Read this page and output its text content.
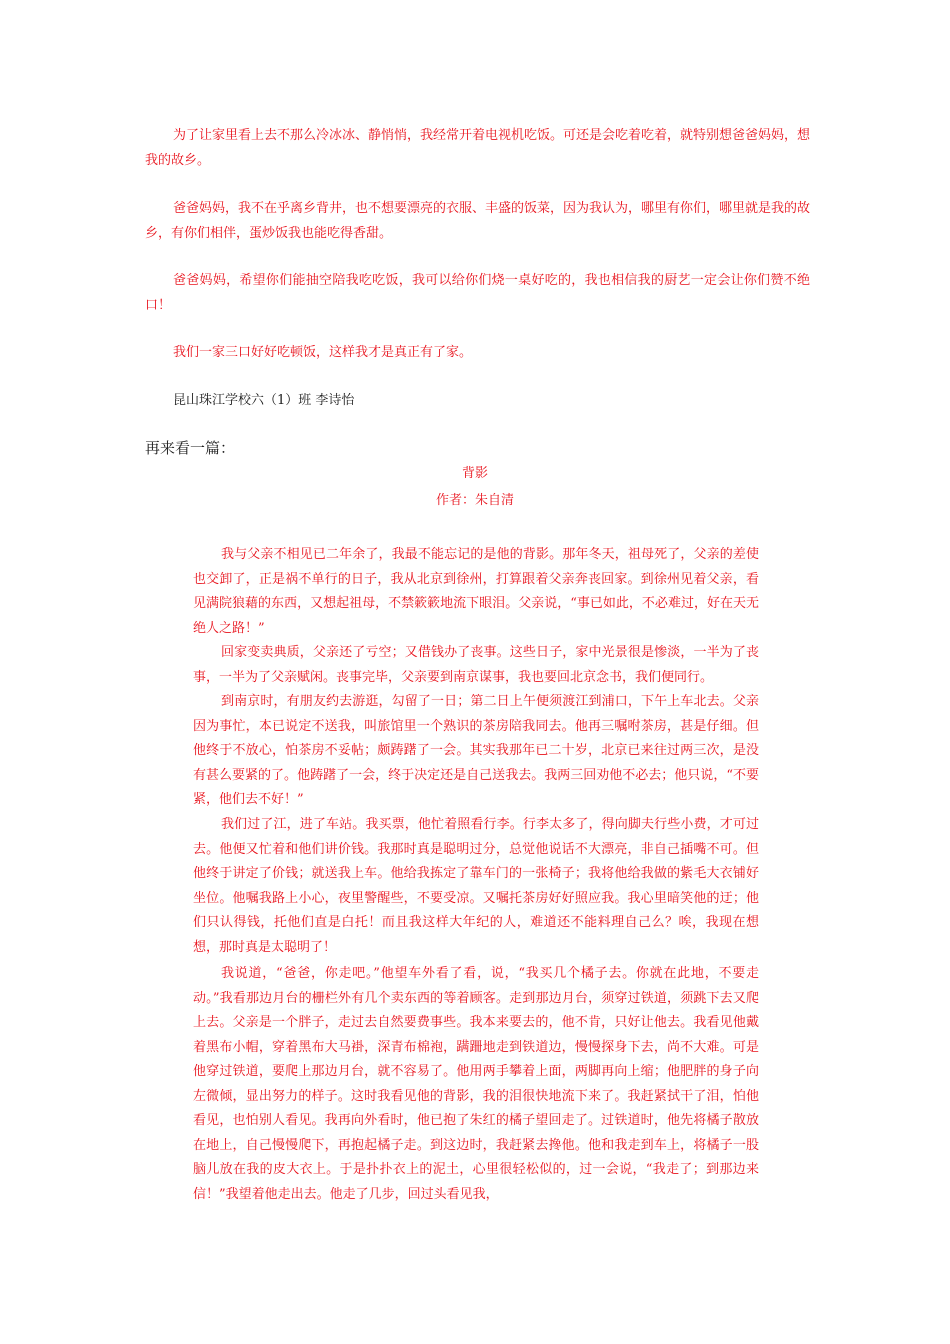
为了让家里看上去不那么冷冰冰、静悄悄，我经常开着电视机吃饭。可还是会吃着吃着，就特别想爸爸妈妈，想我的故乡。

爸爸妈妈，我不在乎离乡背井，也不想要漂亮的衣服、丰盛的饭菜，因为我认为，哪里有你们，哪里就是我的故乡，有你们相伴，蛋炒饭我也能吃得香甜。

爸爸妈妈，希望你们能抽空陪我吃吃饭，我可以给你们烧一桌好吃的，我也相信我的厨艺一定会让你们赞不绝口！

我们一家三口好好吃顿饭，这样我才是真正有了家。

昆山珠江学校六（1）班 李诗怡

再来看一篇：

背影

作者：朱自清

我与父亲不相见已二年余了，我最不能忘记的是他的背影。那年冬天，祖母死了，父亲的差使也交卸了，正是祸不单行的日子，我从北京到徐州，打算跟着父亲奔丧回家。到徐州见着父亲，看见满院狼藉的东西，又想起祖母，不禁簌簌地流下眼泪。父亲说，“事已如此，不必难过，好在天无绝人之路！”

回家变卖典质，父亲还了亏空；又借钱办了丧事。这些日子，家中光景很是惨淡，一半为了丧事，一半为了父亲赋闲。丧事完毕，父亲要到南京谋事，我也要回北京念书，我们便同行。

到南京时，有朋友约去游逛，勾留了一日；第二日上午便须渡江到浦口，下午上车北去。父亲因为事忙，本已说定不送我，叫旅馆里一个熟识的茶房陪我同去。他再三嘱咐茶房，甚是仔细。但他终于不放心，怕茶房不妥帖；颇踌躇了一会。其实我那年已二十岁，北京已来往过两三次，是没有甚么要紧的了。他踌躇了一会，终于决定还是自己送我去。我两三回劝他不必去；他只说，“不要紧，他们去不好！”

我们过了江，进了车站。我买票，他忙着照看行李。行李太多了，得向脚夫行些小费，才可过去。他便又忙着和他们讲价钱。我那时真是聪明过分，总觉他说话不大漂亮，非自己插嘴不可。但他终于讲定了价钱；就送我上车。他给我拣定了靠车门的一张椅子；我将他给我做的紫毛大衣铺好坐位。他嘱我路上小心，夜里警醒些，不要受凉。又嘱托茶房好好照应我。我心里暗笑他的迂；他们只认得钱，托他们直是白托！而且我这样大年纪的人，难道还不能料理自己么？唉，我现在想想，那时真是太聪明了！

我说道，“爸爸，你走吧。”他望车外看了看，说，“我买几个橘子去。你就在此地，不要走动。”我看那边月台的栅栏外有几个卖东西的等着顾客。走到那边月台，须穿过铁道，须跳下去又爬上去。父亲是一个胖子，走过去自然要费事些。我本来要去的，他不肯，只好让他去。我看见他戴着黑布小帽，穿着黑布大马褂，深青布棉袍，蹒跚地走到铁道边，慢慢探身下去，尚不大难。可是他穿过铁道，要爬上那边月台，就不容易了。他用两手攀着上面，两脚再向上缩；他肥胖的身子向左微倾，显出努力的样子。这时我看见他的背影，我的泪很快地流下来了。我赶紧拭干了泪，怕他看见，也怕别人看见。我再向外看时，他已抱了朱红的橘子望回走了。过铁道时，他先将橘子散放在地上，自己慢慢爬下，再抱起橘子走。到这边时，我赶紧去搀他。他和我走到车上，将橘子一股脑儿放在我的皮大衣上。于是扑扑衣上的泥土，心里很轻松似的，过一会说，“我走了；到那边来信！”我望着他走出去。他走了几步，回过头看见我，
